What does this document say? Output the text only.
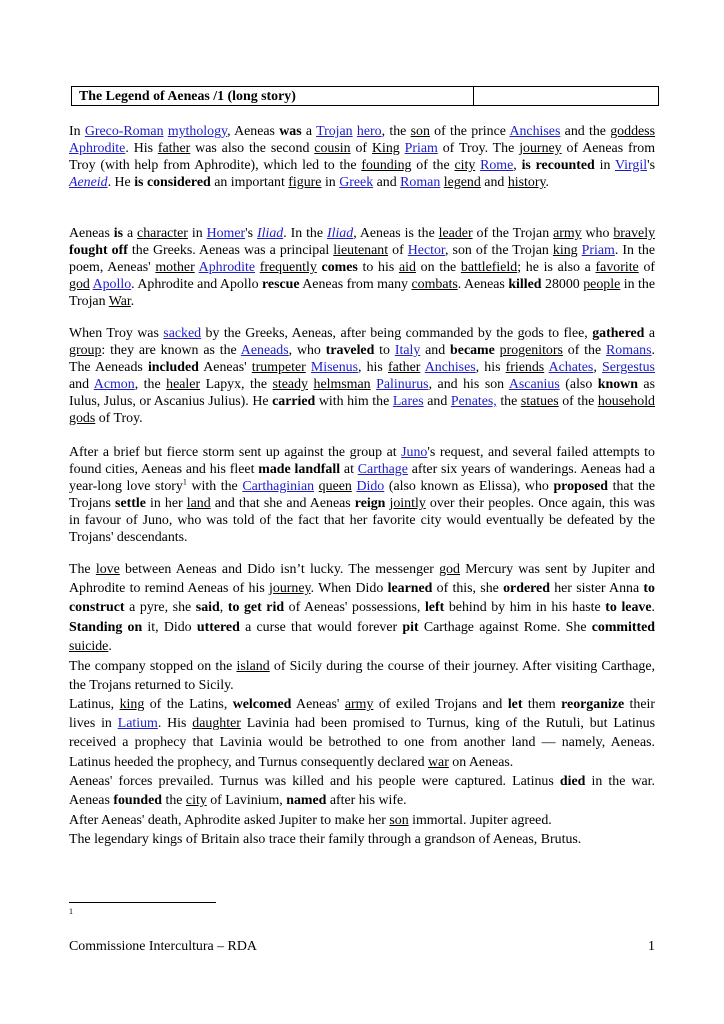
The Legend of Aeneas /1 (long story)

In Greco-Roman mythology, Aeneas was a Trojan hero, the son of the prince Anchises and the goddess Aphrodite. His father was also the second cousin of King Priam of Troy. The journey of Aeneas from Troy (with help from Aphrodite), which led to the founding of the city Rome, is recounted in Virgil's Aeneid. He is considered an important figure in Greek and Roman legend and history.

Aeneas is a character in Homer's Iliad. In the Iliad, Aeneas is the leader of the Trojan army who bravely fought off the Greeks. Aeneas was a principal lieutenant of Hector, son of the Trojan king Priam. In the poem, Aeneas' mother Aphrodite frequently comes to his aid on the battlefield; he is also a favorite of god Apollo. Aphrodite and Apollo rescue Aeneas from many combats. Aeneas killed 28000 people in the Trojan War.

When Troy was sacked by the Greeks, Aeneas, after being commanded by the gods to flee, gathered a group: they are known as the Aeneads, who traveled to Italy and became progenitors of the Romans. The Aeneads included Aeneas' trumpeter Misenus, his father Anchises, his friends Achates, Sergestus and Acmon, the healer Lapyx, the steady helmsman Palinurus, and his son Ascanius (also known as Iulus, Julus, or Ascanius Julius). He carried with him the Lares and Penates, the statues of the household gods of Troy.

After a brief but fierce storm sent up against the group at Juno's request, and several failed attempts to found cities, Aeneas and his fleet made landfall at Carthage after six years of wanderings. Aeneas had a year-long love story$^1$ with the Carthaginian queen Dido (also known as Elissa), who proposed that the Trojans settle in her land and that she and Aeneas reign jointly over their peoples. Once again, this was in favour of Juno, who was told of the fact that her favorite city would eventually be defeated by the Trojans' descendants.

The love between Aeneas and Dido isn’t lucky. The messenger god Mercury was sent by Jupiter and Aphrodite to remind Aeneas of his journey. When Dido learned of this, she ordered her sister Anna to construct a pyre, she said, to get rid of Aeneas' possessions, left behind by him in his haste to leave. Standing on it, Dido uttered a curse that would forever pit Carthage against Rome. She committed suicide.

The company stopped on the island of Sicily during the course of their journey. After visiting Carthage, the Trojans returned to Sicily.

Latinus, king of the Latins, welcomed Aeneas' army of exiled Trojans and let them reorganize their lives in Latium. His daughter Lavinia had been promised to Turnus, king of the Rutuli, but Latinus received a prophecy that Lavinia would be betrothed to one from another land — namely, Aeneas. Latinus heeded the prophecy, and Turnus consequently declared war on Aeneas.

Aeneas' forces prevailed. Turnus was killed and his people were captured. Latinus died in the war. Aeneas founded the city of Lavinium, named after his wife.

After Aeneas' death, Aphrodite asked Jupiter to make her son immortal. Jupiter agreed.

The legendary kings of Britain also trace their family through a grandson of Aeneas, Brutus.

1
Commissione Intercultura – RDA	1
